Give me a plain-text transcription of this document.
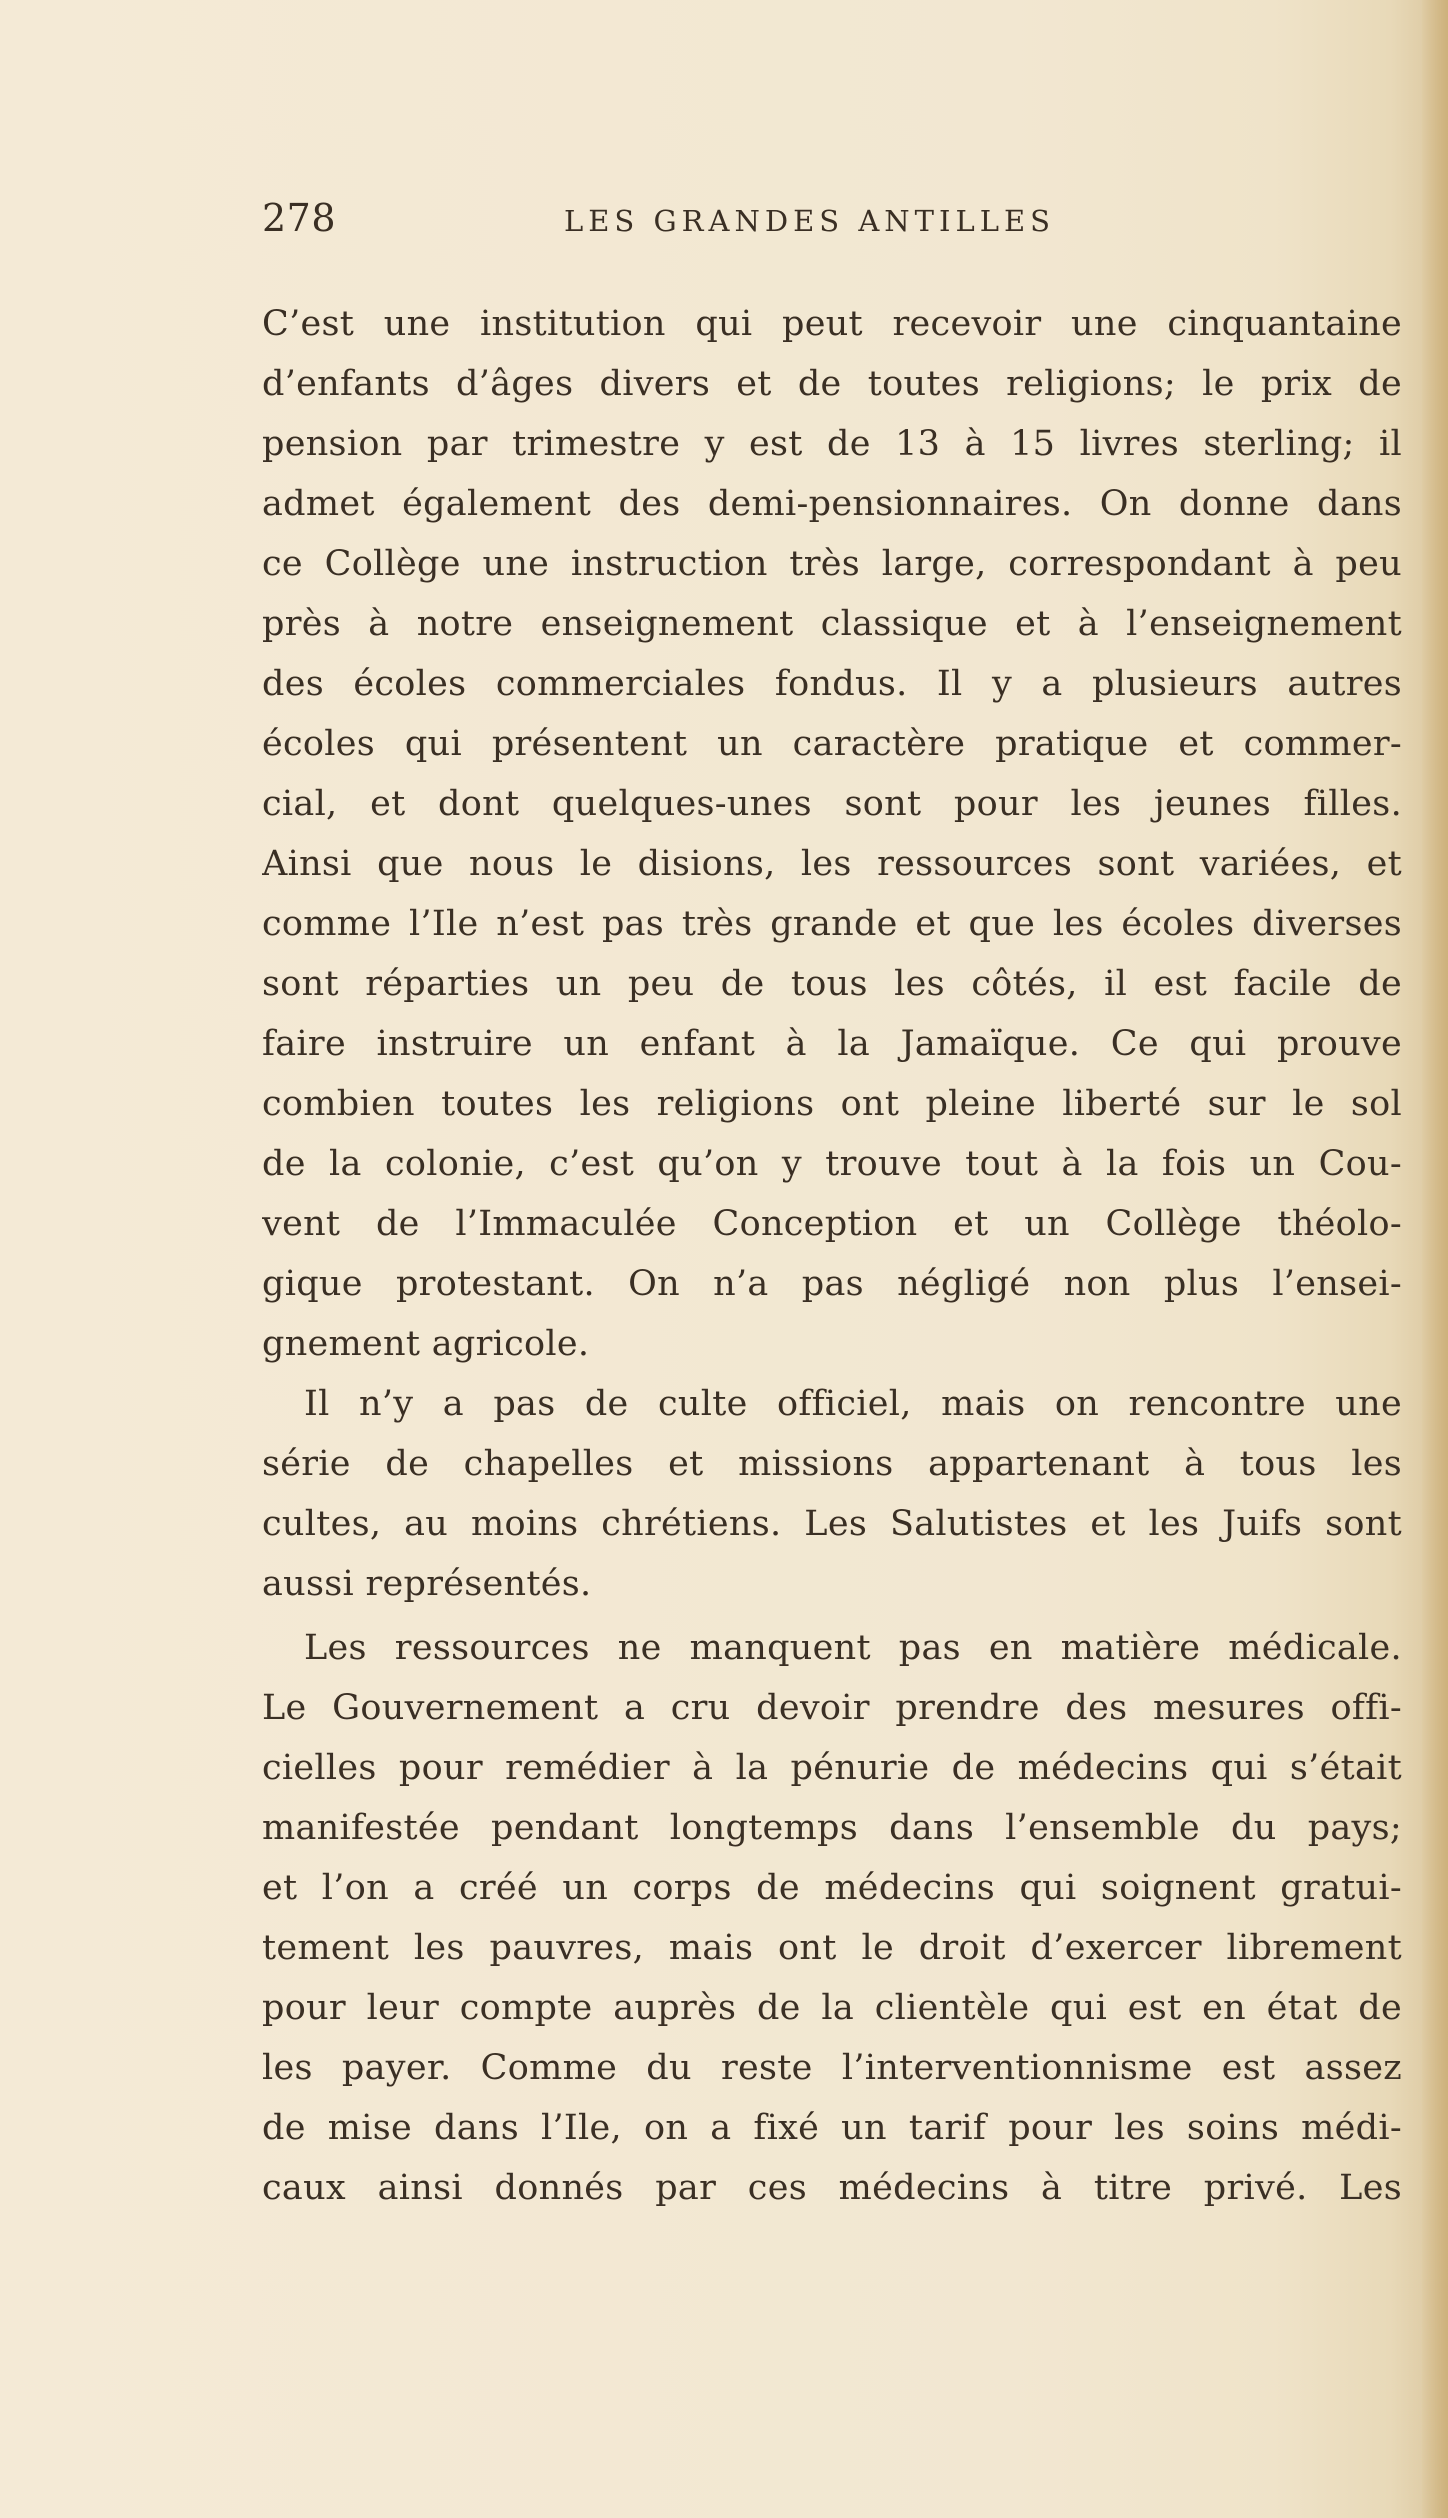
278	LES GRANDES ANTILLES
C’est une institution qui peut recevoir une cinquantaine
d’enfants d’âges divers et de toutes religions; le prix de
pension par trimestre y est de 13 à 15 livres sterling; il
admet également des demi-pensionnaires. On donne dans
ce Collège une instruction très large, correspondant à peu
près à notre enseignement classique et à l’enseignement
des écoles commerciales fondus. Il y a plusieurs autres
écoles qui présentent un caractère pratique et commer-
cial, et dont quelques-unes sont pour les jeunes filles.
Ainsi que nous le disions, les ressources sont variées, et
comme l’Ile n’est pas très grande et que les écoles diverses
sont réparties un peu de tous les côtés, il est facile de
faire instruire un enfant à la Jamaïque. Ce qui prouve
combien toutes les religions ont pleine liberté sur le sol
de la colonie, c’est qu’on y trouve tout à la fois un Cou-
vent de l’Immaculée Conception et un Collège théolo-
gique protestant. On n’a pas négligé non plus l’ensei-
gnement agricole.
Il n’y a pas de culte officiel, mais on rencontre une
série de chapelles et missions appartenant à tous les
cultes, au moins chrétiens. Les Salutistes et les Juifs sont
aussi représentés.
Les ressources ne manquent pas en matière médicale.
Le Gouvernement a cru devoir prendre des mesures offi-
cielles pour remédier à la pénurie de médecins qui s’était
manifestée pendant longtemps dans l’ensemble du pays;
et l’on a créé un corps de médecins qui soignent gratui-
tement les pauvres, mais ont le droit d’exercer librement
pour leur compte auprès de la clientèle qui est en état de
les payer. Comme du reste l’interventionnisme est assez
de mise dans l’Ile, on a fixé un tarif pour les soins médi-
caux ainsi donnés par ces médecins à titre privé. Les
